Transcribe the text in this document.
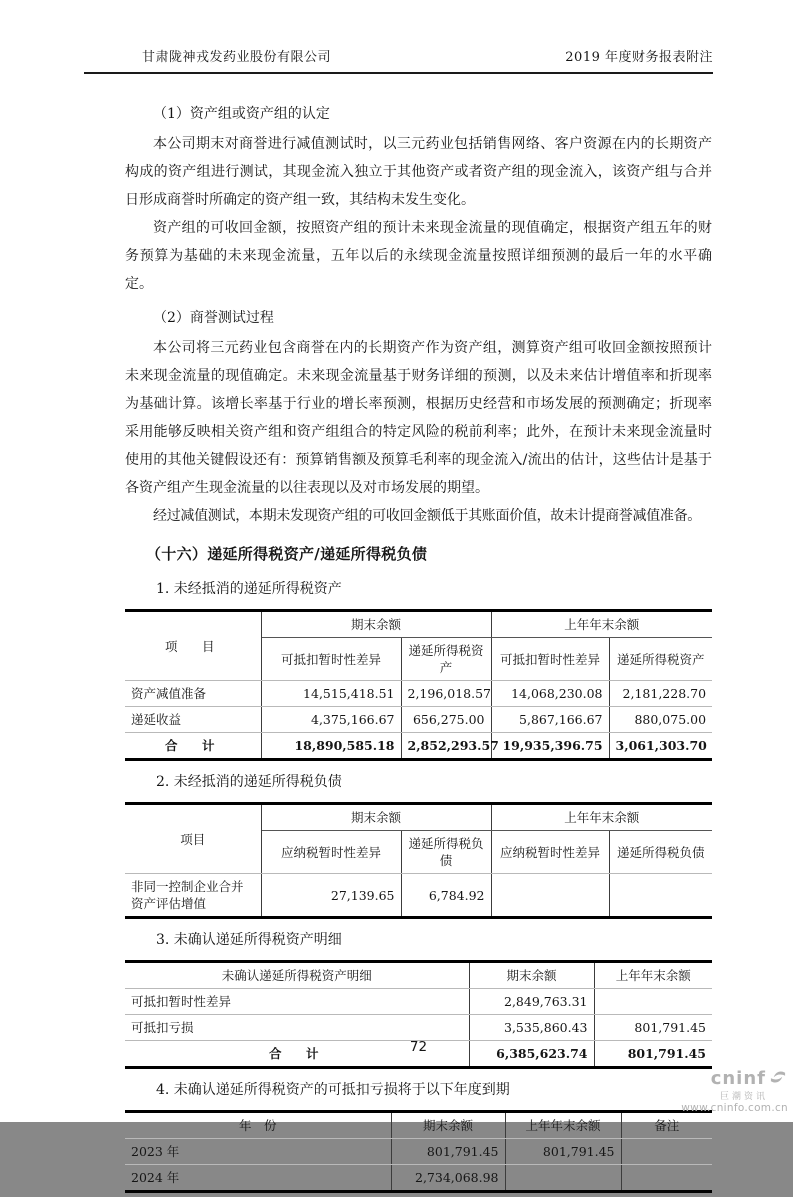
甘肃陇神戎发药业股份有限公司	2019 年度财务报表附注

（1）资产组或资产组的认定

本公司期末对商誉进行减值测试时，以三元药业包括销售网络、客户资源在内的长期资产构成的资产组进行测试，其现金流入独立于其他资产或者资产组的现金流入，该资产组与合并日形成商誉时所确定的资产组一致，其结构未发生变化。

资产组的可收回金额，按照资产组的预计未来现金流量的现值确定，根据资产组五年的财务预算为基础的未来现金流量，五年以后的永续现金流量按照详细预测的最后一年的水平确定。

（2）商誉测试过程

本公司将三元药业包含商誉在内的长期资产作为资产组，测算资产组可收回金额按照预计未来现金流量的现值确定。未来现金流量基于财务详细的预测，以及未来估计增值率和折现率为基础计算。该增长率基于行业的增长率预测，根据历史经营和市场发展的预测确定；折现率采用能够反映相关资产组和资产组组合的特定风险的税前利率；此外，在预计未来现金流量时使用的其他关键假设还有：预算销售额及预算毛利率的现金流入/流出的估计，这些估计是基于各资产组产生现金流量的以往表现以及对市场发展的期望。

经过减值测试，本期未发现资产组的可收回金额低于其账面价值，故未计提商誉减值准备。

（十六）递延所得税资产/递延所得税负债
1. 未经抵消的递延所得税资产
项　目	期末余额		上年年末余额	
	可抵扣暂时性差异	递延所得税资产	可抵扣暂时性差异	递延所得税资产
资产减值准备	14,515,418.51	2,196,018.57	14,068,230.08	2,181,228.70
递延收益	4,375,166.67	656,275.00	5,867,166.67	880,075.00
合　计	18,890,585.18	2,852,293.57	19,935,396.75	3,061,303.70
2. 未经抵消的递延所得税负债
项目	期末余额		上年年末余额	
	应纳税暂时性差异	递延所得税负债	应纳税暂时性差异	递延所得税负债
非同一控制企业合并资产评估增值	27,139.65	6,784.92		
3. 未确认递延所得税资产明细
未确认递延所得税资产明细	期末余额	上年年末余额
可抵扣暂时性差异	2,849,763.31	
可抵扣亏损	3,535,860.43	801,791.45
合　计	6,385,623.74	801,791.45
4. 未确认递延所得税资产的可抵扣亏损将于以下年度到期
年　份	期末余额	上年年末余额	备注
2023 年	801,791.45	801,791.45	
2024 年	2,734,068.98		
72
cninf
巨潮资讯
www.cninfo.com.cn
